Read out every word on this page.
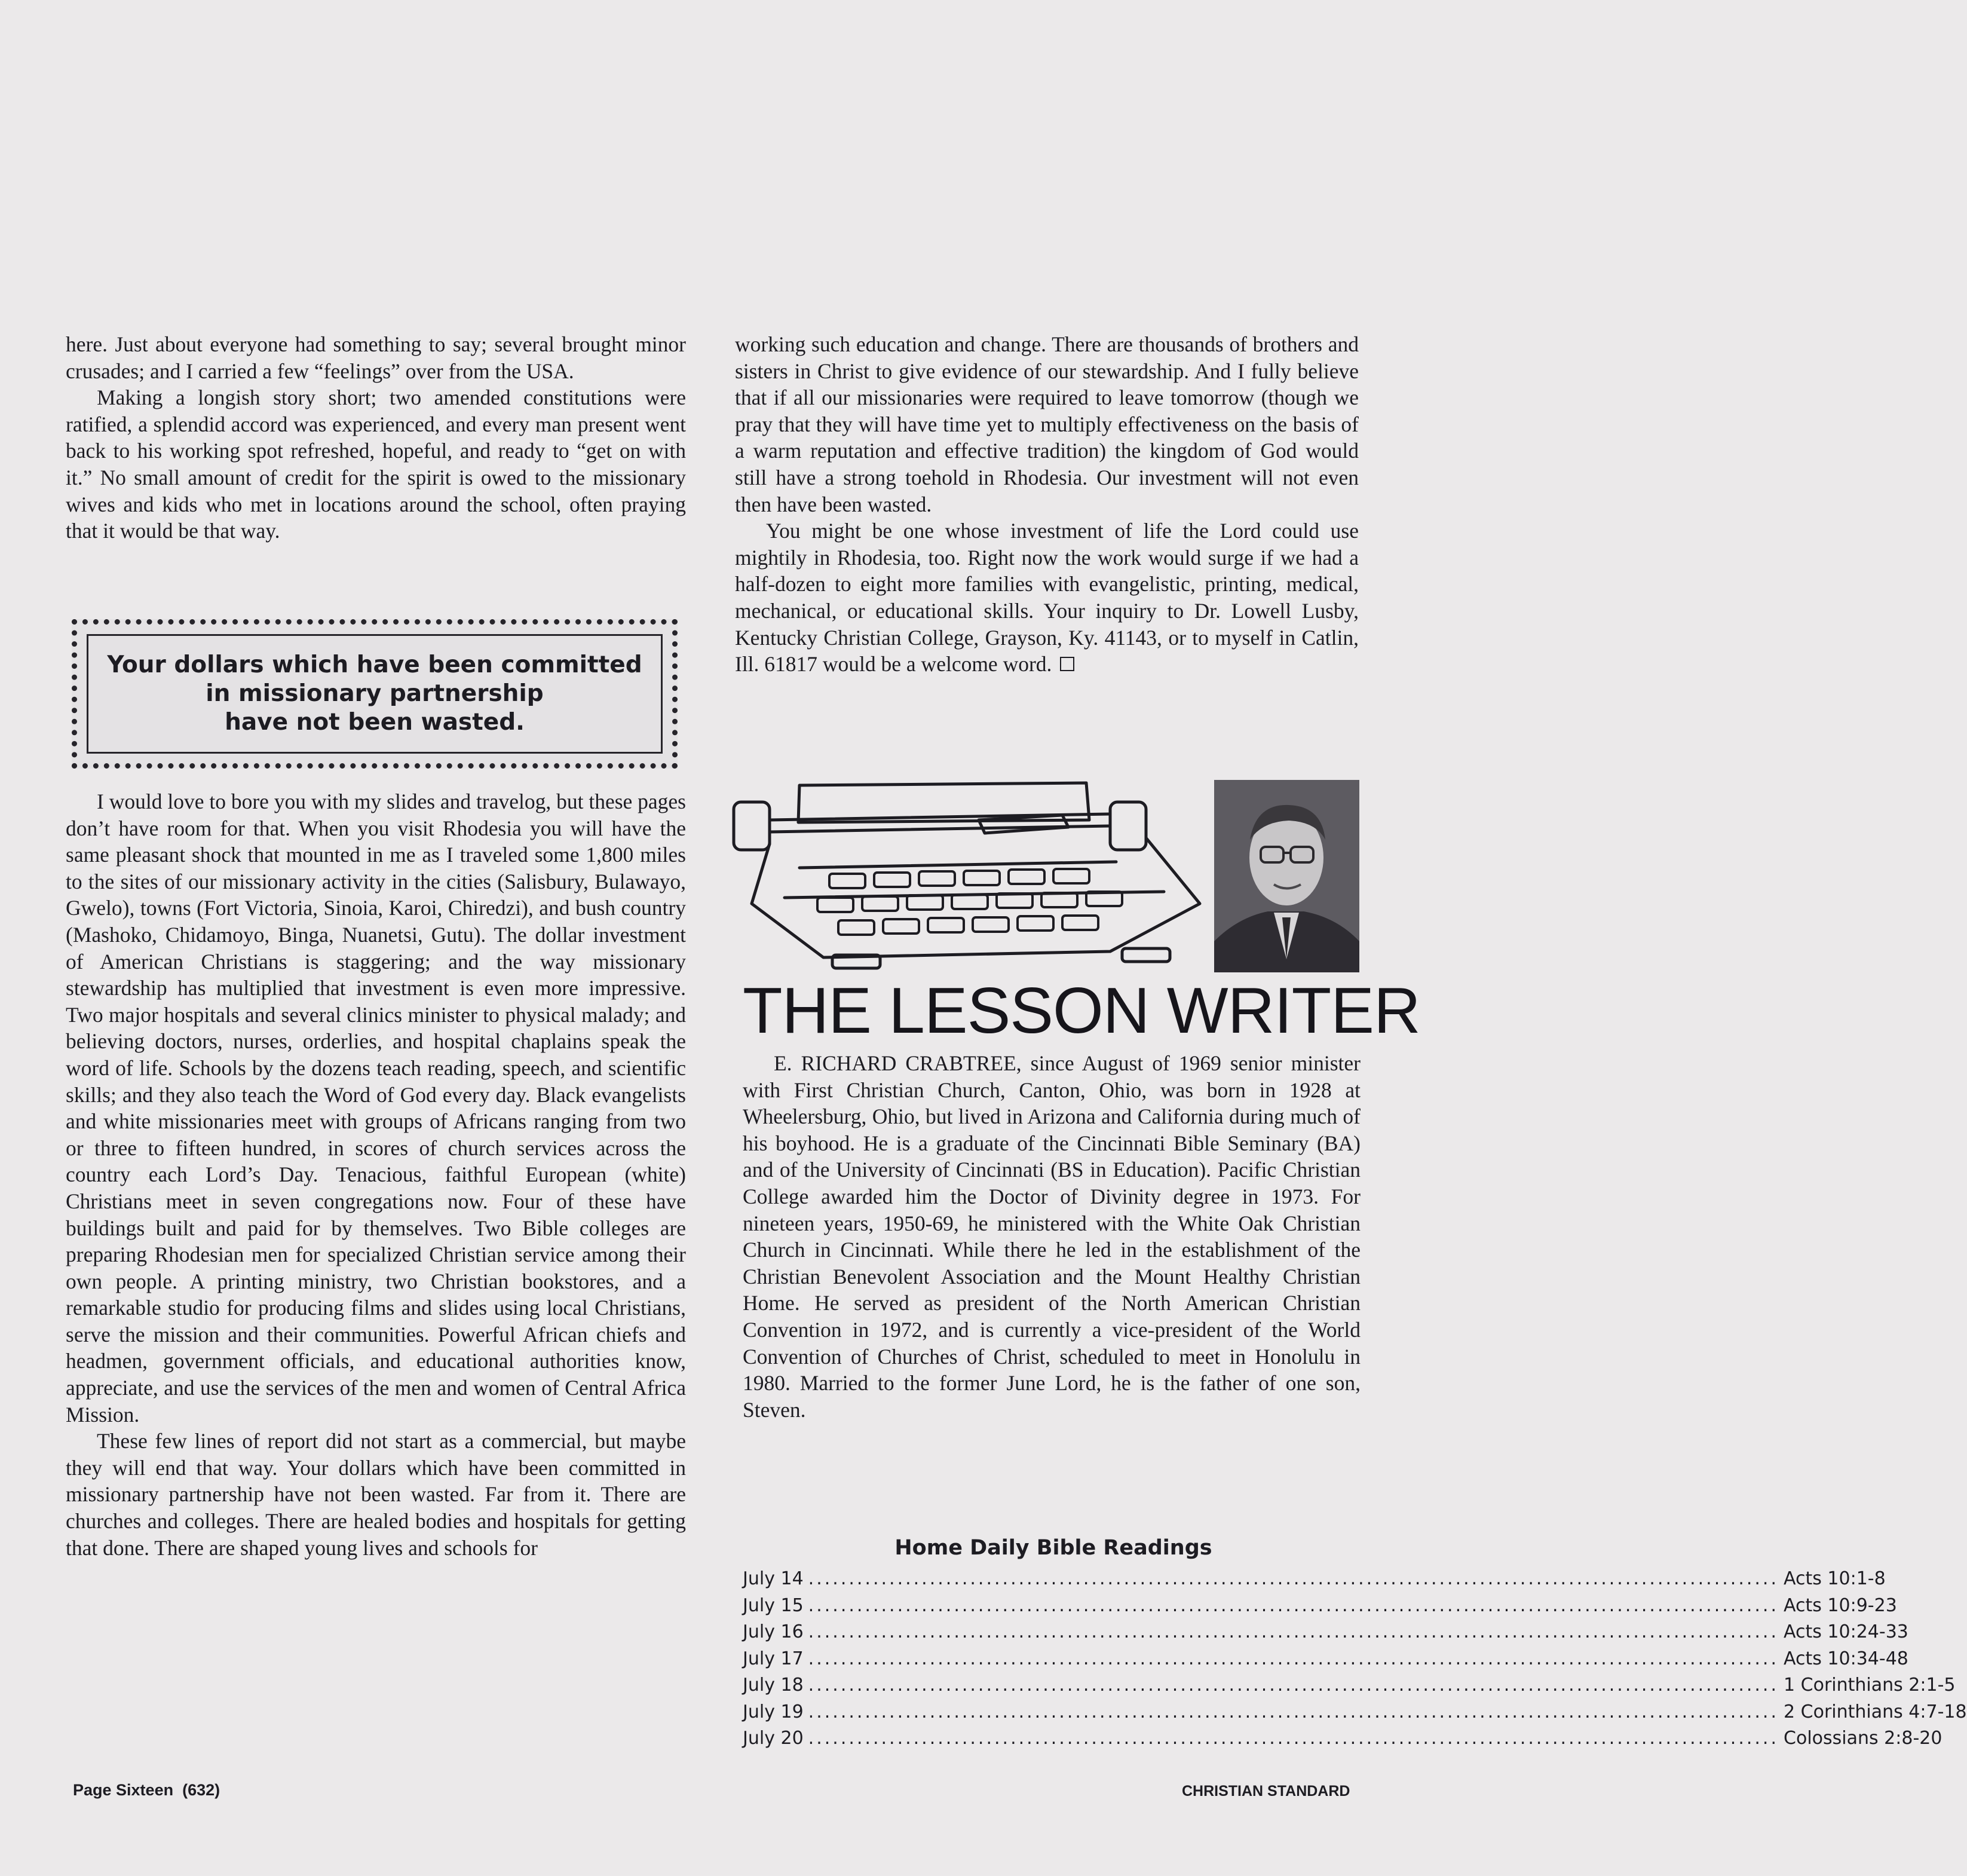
here. Just about everyone had something to say; several brought minor crusades; and I carried a few “feelings” over from the USA.

Making a longish story short; two amended constitutions were ratified, a splendid accord was experienced, and every man present went back to his working spot refreshed, hopeful, and ready to “get on with it.” No small amount of credit for the spirit is owed to the missionary wives and kids who met in locations around the school, often praying that it would be that way.

Your dollars which have been committed
in missionary partnership
have not been wasted.

I would love to bore you with my slides and travelog, but these pages don’t have room for that. When you visit Rhodesia you will have the same pleasant shock that mounted in me as I traveled some 1,800 miles to the sites of our missionary activity in the cities (Salisbury, Bulawayo, Gwelo), towns (Fort Victoria, Sinoia, Karoi, Chiredzi), and bush country (Mashoko, Chidamoyo, Binga, Nuanetsi, Gutu). The dollar investment of American Christians is staggering; and the way missionary stewardship has multiplied that investment is even more impressive. Two major hospitals and several clinics minister to physical malady; and believing doctors, nurses, orderlies, and hospital chaplains speak the word of life. Schools by the dozens teach reading, speech, and scientific skills; and they also teach the Word of God every day. Black evangelists and white missionaries meet with groups of Africans ranging from two or three to fifteen hundred, in scores of church services across the country each Lord’s Day. Tenacious, faithful European (white) Christians meet in seven congregations now. Four of these have buildings built and paid for by themselves. Two Bible colleges are preparing Rhodesian men for specialized Christian service among their own people. A printing ministry, two Christian bookstores, and a remarkable studio for producing films and slides using local Christians, serve the mission and their communities. Powerful African chiefs and headmen, government officials, and educational authorities know, appreciate, and use the services of the men and women of Central Africa Mission.

These few lines of report did not start as a commercial, but maybe they will end that way. Your dollars which have been committed in missionary partnership have not been wasted. Far from it. There are churches and colleges. There are healed bodies and hospitals for getting that done. There are shaped young lives and schools for

working such education and change. There are thousands of brothers and sisters in Christ to give evidence of our stewardship. And I fully believe that if all our missionaries were required to leave tomorrow (though we pray that they will have time yet to multiply effectiveness on the basis of a warm reputation and effective tradition) the kingdom of God would still have a strong toehold in Rhodesia. Our investment will not even then have been wasted.

You might be one whose investment of life the Lord could use mightily in Rhodesia, too. Right now the work would surge if we had a half-dozen to eight more families with evangelistic, printing, medical, mechanical, or educational skills. Your inquiry to Dr. Lowell Lusby, Kentucky Christian College, Grayson, Ky. 41143, or to myself in Catlin, Ill. 61817 would be a welcome word.

THE LESSON WRITER

E. RICHARD CRABTREE, since August of 1969 senior minister with First Christian Church, Canton, Ohio, was born in 1928 at Wheelersburg, Ohio, but lived in Arizona and California during much of his boyhood. He is a graduate of the Cincinnati Bible Seminary (BA) and of the University of Cincinnati (BS in Education). Pacific Christian College awarded him the Doctor of Divinity degree in 1973. For nineteen years, 1950-69, he ministered with the White Oak Christian Church in Cincinnati. While there he led in the establishment of the Christian Benevolent Association and the Mount Healthy Christian Home. He served as president of the North American Christian Convention in 1972, and is currently a vice-president of the World Convention of Churches of Christ, scheduled to meet in Honolulu in 1980. Married to the former June Lord, he is the father of one son, Steven.

Home Daily Bible Readings
July 14 ........................................................................................................................ Acts 10:1-8
July 15 ........................................................................................................................ Acts 10:9-23
July 16 ........................................................................................................................ Acts 10:24-33
July 17 ........................................................................................................................ Acts 10:34-48
July 18 ........................................................................................................................ 1 Corinthians 2:1-5
July 19 ........................................................................................................................ 2 Corinthians 4:7-18
July 20 ........................................................................................................................ Colossians 2:8-20
Page Sixteen  (632)	CHRISTIAN STANDARD
